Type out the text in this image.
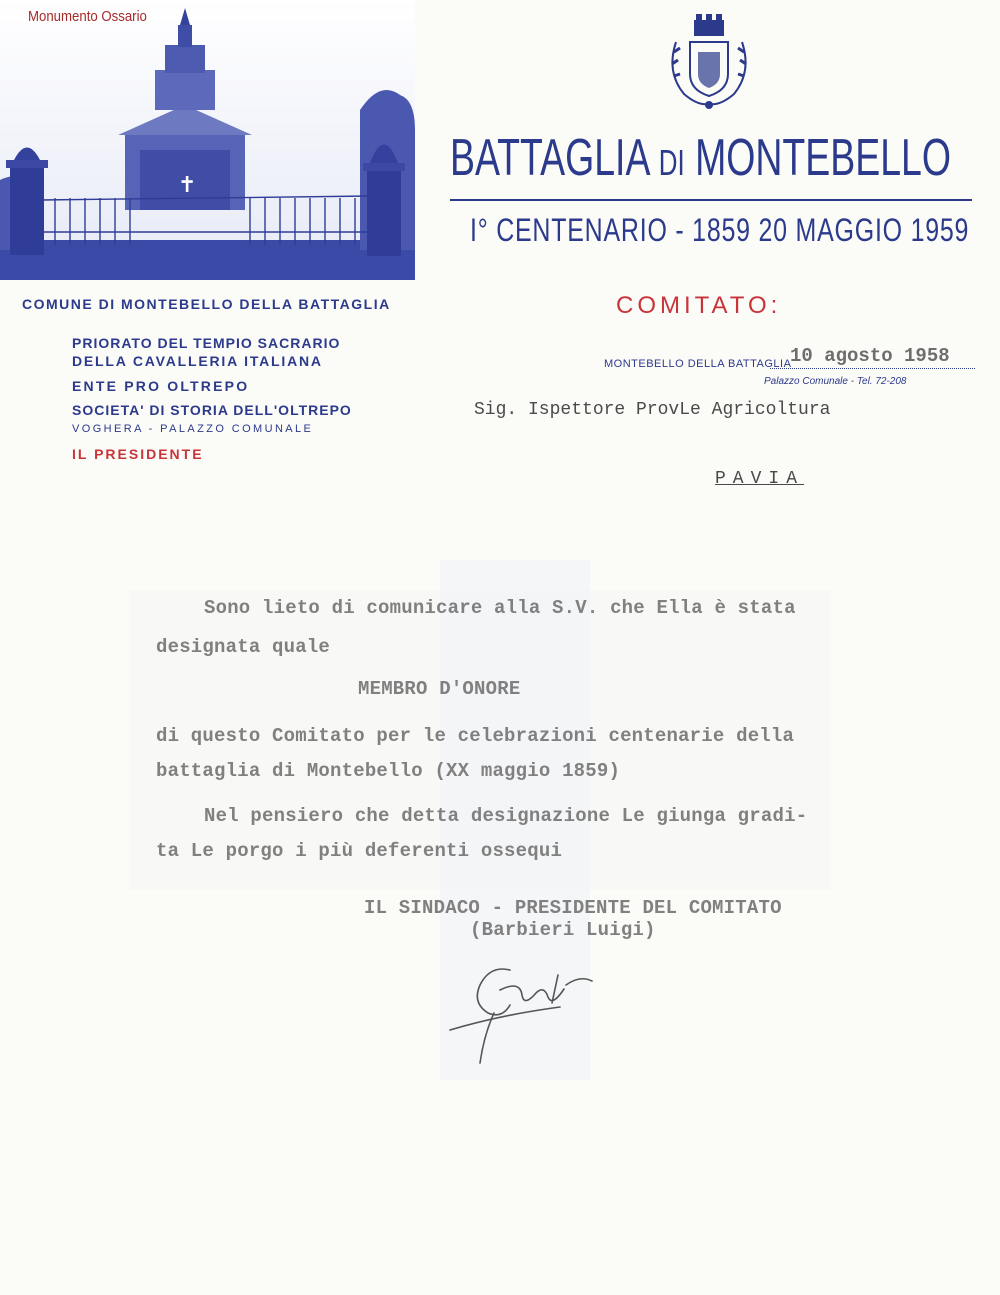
✝
Monumento Ossario
BATTAGLIA DI MONTEBELLO
I° CENTENARIO - 1859 20 MAGGIO 1959
COMITATO:
COMUNE DI MONTEBELLO DELLA BATTAGLIA
PRIORATO DEL TEMPIO SACRARIO
DELLA CAVALLERIA ITALIANA
ENTE PRO OLTREPO
SOCIETA' DI STORIA DELL'OLTREPO
VOGHERA - PALAZZO COMUNALE
IL PRESIDENTE
MONTEBELLO DELLA BATTAGLIA
10 agosto 1958
Palazzo Comunale - Tel. 72-208
Sig. Ispettore ProvLe Agricoltura
PAVIA
Sono lieto di comunicare alla S.V. che Ella è stata
designata quale
MEMBRO D'ONORE
di questo Comitato per le celebrazioni centenarie della
battaglia di Montebello (XX maggio 1859)
Nel pensiero che detta designazione Le giunga gradi-
ta Le porgo i più deferenti ossequi
IL SINDACO - PRESIDENTE DEL COMITATO
(Barbieri Luigi)
